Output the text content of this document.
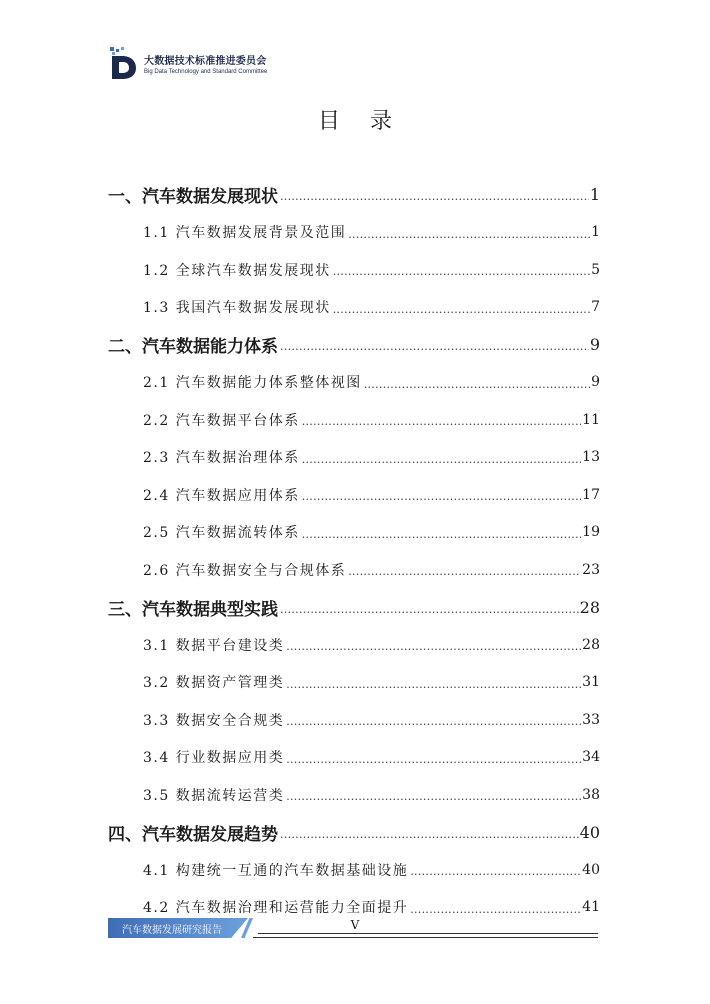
大数据技术标准推进委员会
Big Data Technology and Standard Committee
目录
一、汽车数据发展现状 .....	1
1.1 汽车数据发展背景及范围 .....	1
1.2 全球汽车数据发展现状 .....	5
1.3 我国汽车数据发展现状 .....	7
二、汽车数据能力体系 .....	9
2.1 汽车数据能力体系整体视图 .....	9
2.2 汽车数据平台体系 .....	11
2.3 汽车数据治理体系 .....	13
2.4 汽车数据应用体系 .....	17
2.5 汽车数据流转体系 .....	19
2.6 汽车数据安全与合规体系 .....	23
三、汽车数据典型实践 .....	28
3.1 数据平台建设类 .....	28
3.2 数据资产管理类 .....	31
3.3 数据安全合规类 .....	33
3.4 行业数据应用类 .....	34
3.5 数据流转运营类 .....	38
四、汽车数据发展趋势 .....	40
4.1 构建统一互通的汽车数据基础设施 .....	40
4.2 汽车数据治理和运营能力全面提升 .....	41
汽车数据发展研究报告	V
